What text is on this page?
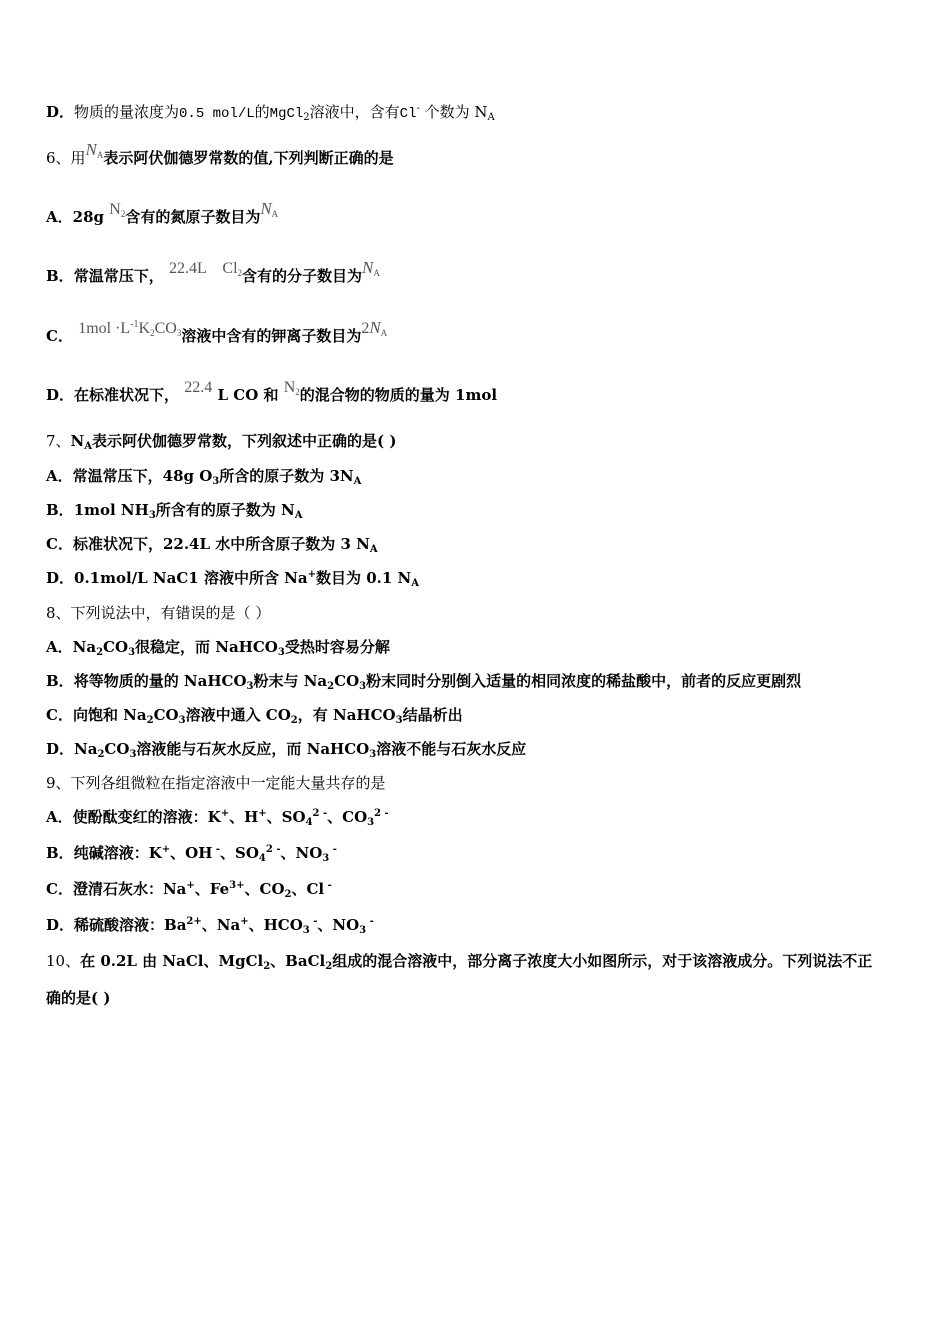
D．物质的量浓度为0.5 mol/L的MgCl$_2$溶液中，含有Cl- 个数为 $N_A$
6、用$N_A$表示阿伏伽德罗常数的值,下列判断正确的是
A．28g $N_2$含有的氮原子数目为$N_A$
B．常温常压下， 22.4L $Cl_2$含有的分子数目为$N_A$
C． $1mol \cdot L^{-1}K_2CO_3$溶液中含有的钾离子数目为$2N_A$
D．在标准状况下， 22.4 L CO 和 $N_2$的混合物的物质的量为 1mol
7、$N_A$表示阿伏伽德罗常数，下列叙述中正确的是( )
A．常温常压下，48g $O_3$所含的原子数为 $3N_A$
B．1mol $NH_3$所含有的原子数为 $N_A$
C．标准状况下，22.4L 水中所含原子数为 3 $N_A$
D．0.1mol/L NaC1 溶液中所含 Na+数目为 0.1 $N_A$
8、下列说法中，有错误的是（ ）
A．$Na_2CO_3$很稳定，而 NaHCO$_3$受热时容易分解
B．将等物质的量的 NaHCO$_3$粉末与 $Na_2CO_3$粉末同时分别倒入适量的相同浓度的稀盐酸中，前者的反应更剧烈
C．向饱和 $Na_2CO_3$溶液中通入 $CO_2$，有 NaHCO$_3$结晶析出
D．$Na_2CO_3$溶液能与石灰水反应，而 NaHCO$_3$溶液不能与石灰水反应
9、下列各组微粒在指定溶液中一定能大量共存的是
A．使酚酞变红的溶液：K+、H+、$SO_4^{2 -}$、$CO_3^{2 -}$
B．纯碱溶液：K+、OH -、$SO_4^{2 -}$、$NO_3$ -
C．澄清石灰水：Na+、$Fe^{3+}$、$CO_2$、Cl -
D．稀硫酸溶液：$Ba^{2+}$、Na+、$HCO_3$ -、$NO_3$ -
10、在 0.2L 由 NaCl、MgCl$_2$、BaCl$_2$组成的混合溶液中，部分离子浓度大小如图所示，对于该溶液成分。下列说法不正
确的是( )
